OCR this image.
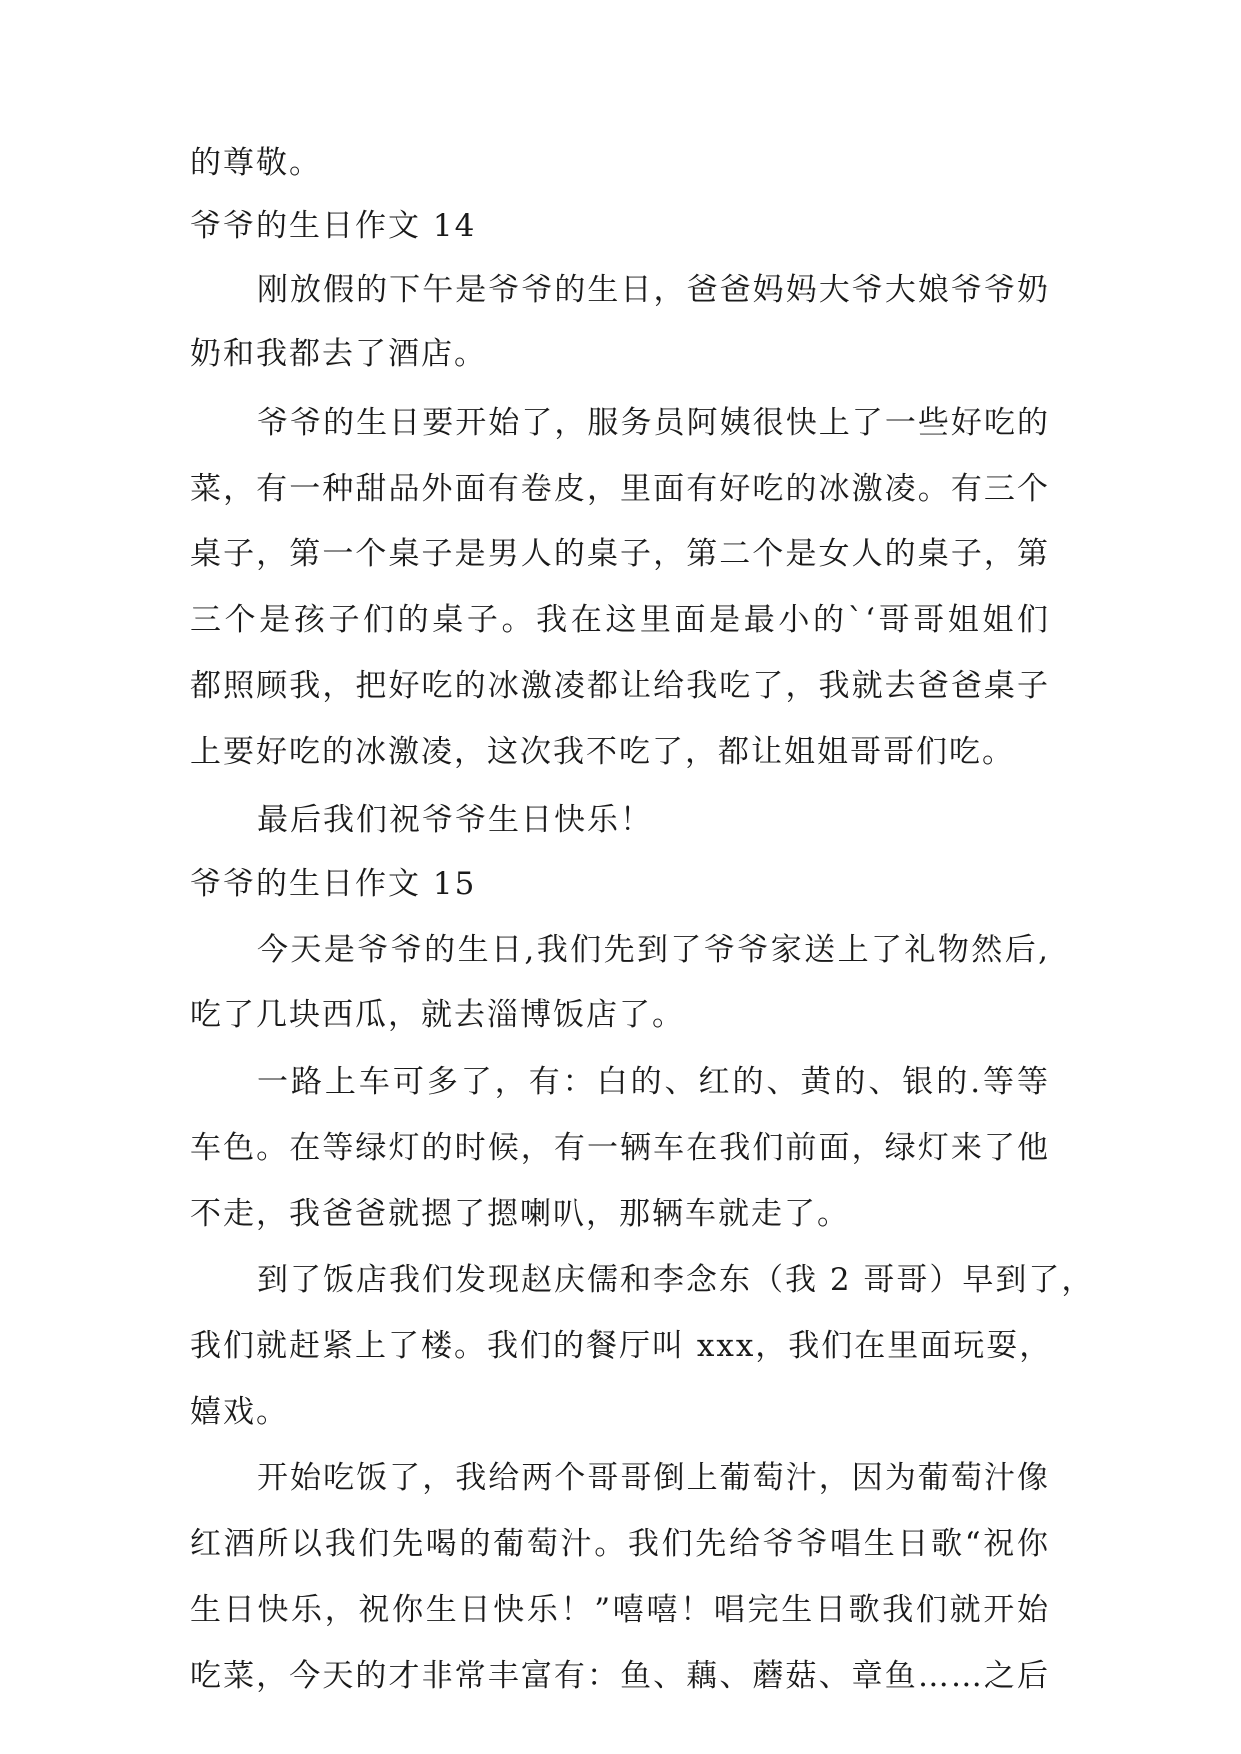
的尊敬。
爷爷的生日作文 14
刚放假的下午是爷爷的生日，爸爸妈妈大爷大娘爷爷奶
奶和我都去了酒店。
爷爷的生日要开始了，服务员阿姨很快上了一些好吃的
菜，有一种甜品外面有卷皮，里面有好吃的冰激凌。有三个
桌子，第一个桌子是男人的桌子，第二个是女人的桌子，第
三个是孩子们的桌子。我在这里面是最小的`‘哥哥姐姐们
都照顾我，把好吃的冰激凌都让给我吃了，我就去爸爸桌子
上要好吃的冰激凌，这次我不吃了，都让姐姐哥哥们吃。
最后我们祝爷爷生日快乐！
爷爷的生日作文 15
今天是爷爷的生日,我们先到了爷爷家送上了礼物然后,
吃了几块西瓜，就去淄博饭店了。
一路上车可多了，有：白的、红的、黄的、银的.等等
车色。在等绿灯的时候，有一辆车在我们前面，绿灯来了他
不走，我爸爸就摁了摁喇叭，那辆车就走了。
到了饭店我们发现赵庆儒和李念东（我 2 哥哥）早到了，
我们就赶紧上了楼。我们的餐厅叫 xxx，我们在里面玩耍，
嬉戏。
开始吃饭了，我给两个哥哥倒上葡萄汁，因为葡萄汁像
红酒所以我们先喝的葡萄汁。我们先给爷爷唱生日歌“祝你
生日快乐，祝你生日快乐！”嘻嘻！唱完生日歌我们就开始
吃菜，今天的才非常丰富有：鱼、藕、蘑菇、章鱼……之后
